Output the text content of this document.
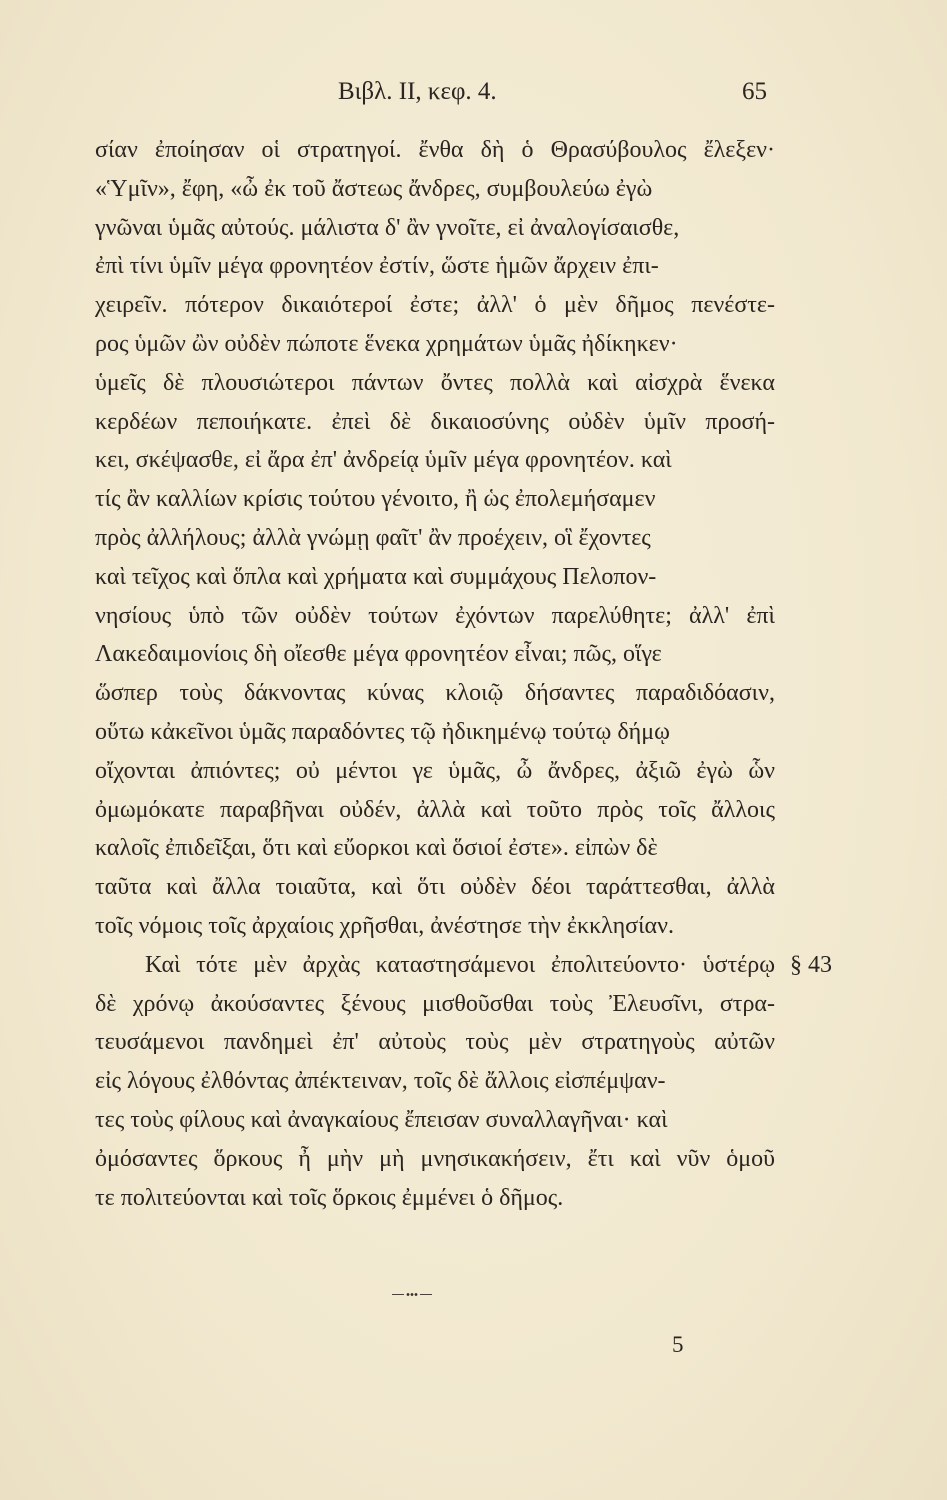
Βιβλ. II, κεφ. 4.	65
σίαν ἐποίησαν οἱ στρατηγοί. ἔνθα δὴ ὁ Θρασύβουλος ἔλεξεν·
«Ὑμῖν», ἔφη, «ὦ ἐκ τοῦ ἄστεως ἄνδρες, συμβουλεύω ἐγὼ
γνῶναι ὑμᾶς αὐτούς. μάλιστα δ' ἂν γνοῖτε, εἰ ἀναλογίσαισθε,
ἐπὶ τίνι ὑμῖν μέγα φρονητέον ἐστίν, ὥστε ἡμῶν ἄρχειν ἐπι-
χειρεῖν. πότερον δικαιότεροί ἐστε; ἀλλ' ὁ μὲν δῆμος πενέστε-
ρος ὑμῶν ὢν οὐδὲν πώποτε ἕνεκα χρημάτων ὑμᾶς ἠδίκηκεν·
ὑμεῖς δὲ πλουσιώτεροι πάντων ὄντες πολλὰ καὶ αἰσχρὰ ἕνεκα
κερδέων πεποιήκατε. ἐπεὶ δὲ δικαιοσύνης οὐδὲν ὑμῖν προσή-
κει, σκέψασθε, εἰ ἄρα ἐπ' ἀνδρείᾳ ὑμῖν μέγα φρονητέον. καὶ
τίς ἂν καλλίων κρίσις τούτου γένοιτο, ἢ ὡς ἐπολεμήσαμεν
πρὸς ἀλλήλους; ἀλλὰ γνώμῃ φαῖτ' ἂν προέχειν, οἳ ἔχοντες
καὶ τεῖχος καὶ ὅπλα καὶ χρήματα καὶ συμμάχους Πελοπον-
νησίους ὑπὸ τῶν οὐδὲν τούτων ἐχόντων παρελύθητε; ἀλλ' ἐπὶ
Λακεδαιμονίοις δὴ οἴεσθε μέγα φρονητέον εἶναι; πῶς, οἵγε
ὥσπερ τοὺς δάκνοντας κύνας κλοιῷ δήσαντες παραδιδόασιν,
οὕτω κἀκεῖνοι ὑμᾶς παραδόντες τῷ ἠδικημένῳ τούτῳ δήμῳ
οἴχονται ἀπιόντες; οὐ μέντοι γε ὑμᾶς, ὦ ἄνδρες, ἀξιῶ ἐγὼ ὧν
ὀμωμόκατε παραβῆναι οὐδέν, ἀλλὰ καὶ τοῦτο πρὸς τοῖς ἄλλοις
καλοῖς ἐπιδεῖξαι, ὅτι καὶ εὔορκοι καὶ ὅσιοί ἐστε». εἰπὼν δὲ
ταῦτα καὶ ἄλλα τοιαῦτα, καὶ ὅτι οὐδὲν δέοι ταράττεσθαι, ἀλλὰ
τοῖς νόμοις τοῖς ἀρχαίοις χρῆσθαι, ἀνέστησε τὴν ἐκκλησίαν.
Καὶ τότε μὲν ἀρχὰς καταστησάμενοι ἐπολιτεύοντο· ὑστέρῳ
δὲ χρόνῳ ἀκούσαντες ξένους μισθοῦσθαι τοὺς Ἐλευσῖνι, στρα-
τευσάμενοι πανδημεὶ ἐπ' αὐτοὺς τοὺς μὲν στρατηγοὺς αὐτῶν
εἰς λόγους ἐλθόντας ἀπέκτειναν, τοῖς δὲ ἄλλοις εἰσπέμψαν-
τες τοὺς φίλους καὶ ἀναγκαίους ἔπεισαν συναλλαγῆναι· καὶ
ὀμόσαντες ὅρκους ἦ μὴν μὴ μνησικακήσειν, ἔτι καὶ νῦν ὁμοῦ
τε πολιτεύονται καὶ τοῖς ὅρκοις ἐμμένει ὁ δῆμος.
5
§ 43
